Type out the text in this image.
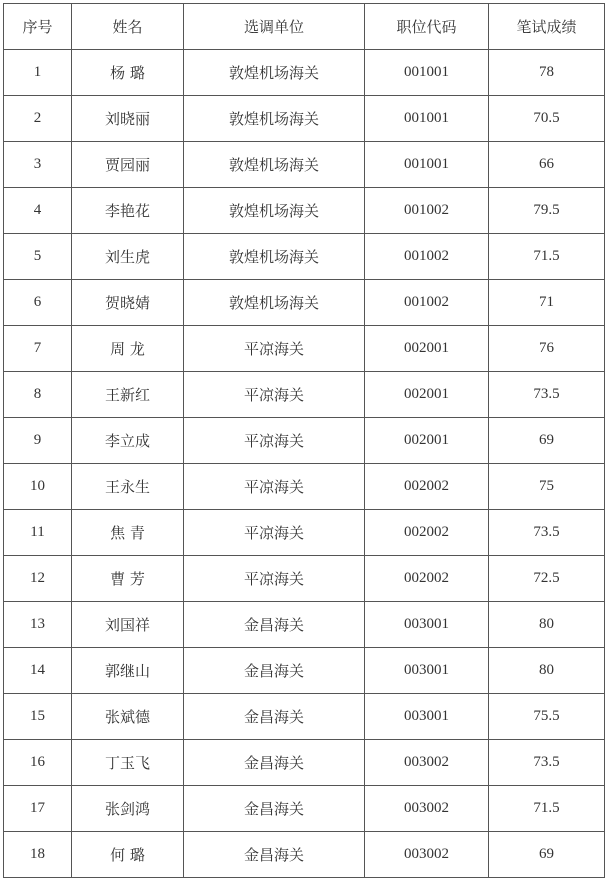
序号	姓名	选调单位	职位代码	笔试成绩
1	杨 璐	敦煌机场海关	001001	78
2	刘晓丽	敦煌机场海关	001001	70.5
3	贾园丽	敦煌机场海关	001001	66
4	李艳花	敦煌机场海关	001002	79.5
5	刘生虎	敦煌机场海关	001002	71.5
6	贺晓婧	敦煌机场海关	001002	71
7	周 龙	平凉海关	002001	76
8	王新红	平凉海关	002001	73.5
9	李立成	平凉海关	002001	69
10	王永生	平凉海关	002002	75
11	焦 青	平凉海关	002002	73.5
12	曹 芳	平凉海关	002002	72.5
13	刘国祥	金昌海关	003001	80
14	郭继山	金昌海关	003001	80
15	张斌德	金昌海关	003001	75.5
16	丁玉飞	金昌海关	003002	73.5
17	张剑鸿	金昌海关	003002	71.5
18	何 璐	金昌海关	003002	69
